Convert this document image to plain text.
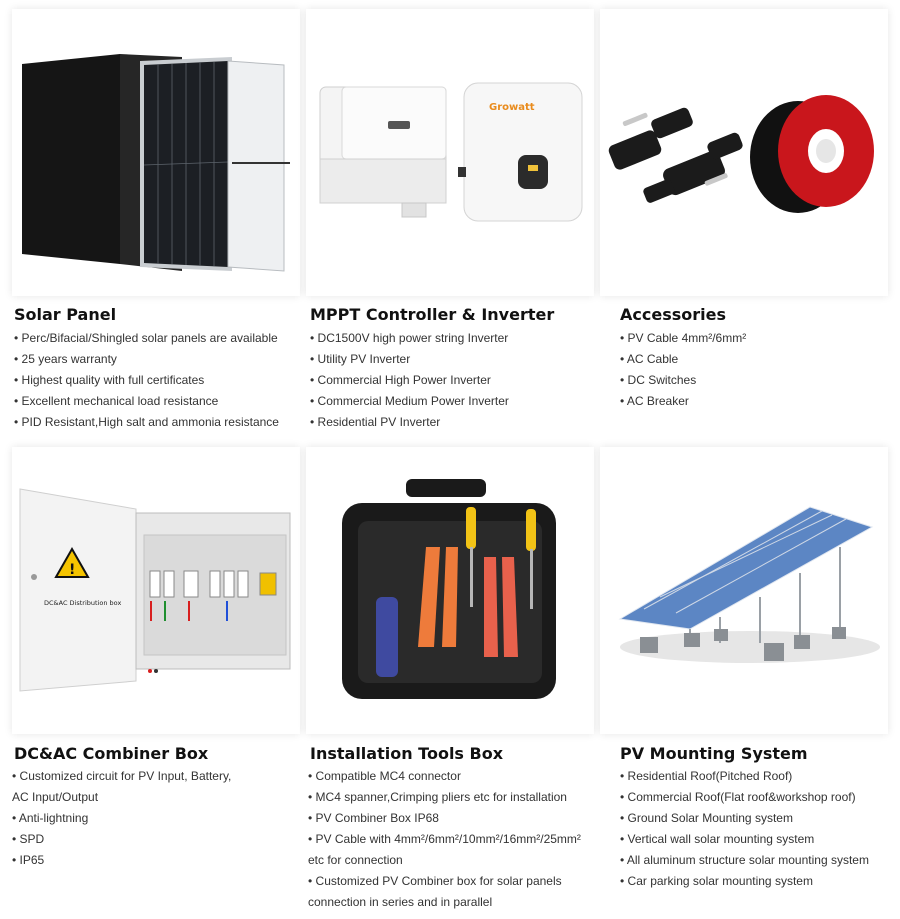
Growatt
Solar Panel
• Perc/Bifacial/Shingled solar panels are available
• 25 years warranty
• Highest quality with full certificates
• Excellent mechanical load resistance
• PID Resistant,High salt and ammonia resistance
MPPT Controller & Inverter
• DC1500V high power string Inverter
• Utility PV Inverter
• Commercial High Power Inverter
• Commercial Medium Power Inverter
• Residential PV Inverter
Accessories
• PV Cable 4mm²/6mm²
• AC Cable
• DC Switches
• AC Breaker
!
DC&AC Distribution box
DC&AC Combiner Box
• Customized circuit for PV Input, Battery,
AC Input/Output
• Anti-lightning
• SPD
• IP65
Installation Tools Box
• Compatible MC4 connector
• MC4 spanner,Crimping pliers etc for installation
• PV Combiner Box IP68
• PV Cable with 4mm²/6mm²/10mm²/16mm²/25mm²
etc for connection
• Customized PV Combiner box for solar panels
connection in series and in parallel
PV Mounting System
• Residential Roof(Pitched Roof)
• Commercial Roof(Flat roof&workshop roof)
• Ground Solar Mounting system
• Vertical wall solar mounting system
• All aluminum structure solar mounting system
• Car parking solar mounting system
